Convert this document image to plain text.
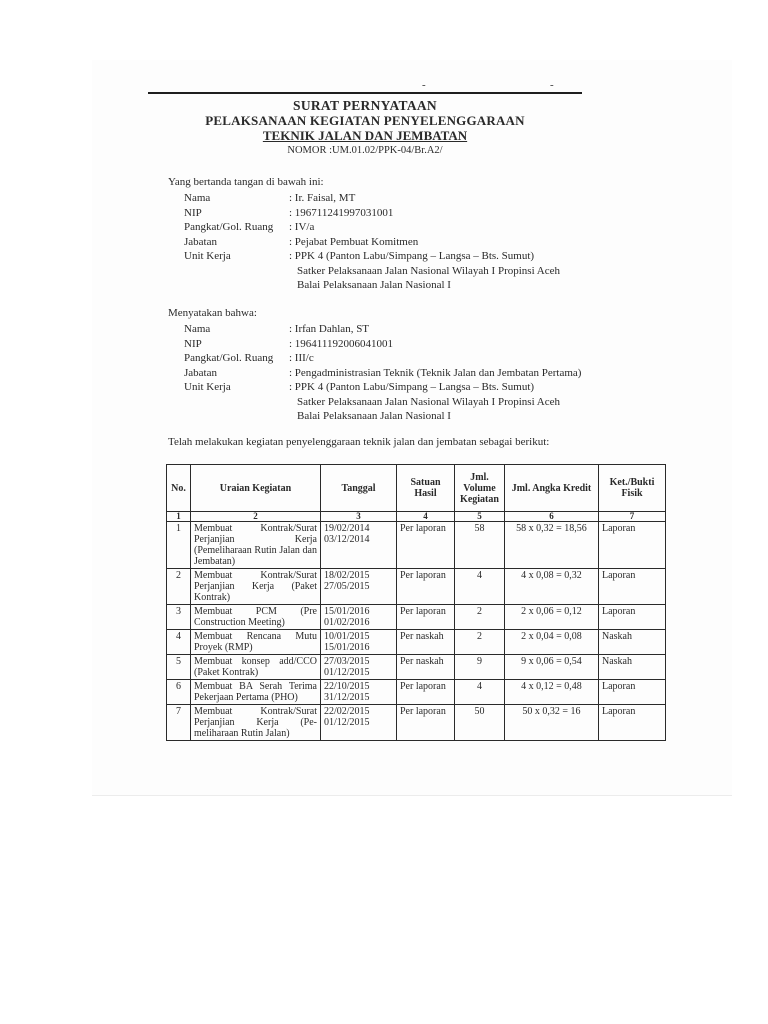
-	-
SURAT PERNYATAAN
PELAKSANAAN KEGIATAN PENYELENGGARAAN
TEKNIK JALAN DAN JEMBATAN
NOMOR :UM.01.02/PPK-04/Br.A2/
Yang bertanda tangan di bawah ini:
Nama	: Ir. Faisal, MT
NIP	: 196711241997031001
Pangkat/Gol. Ruang	: IV/a
Jabatan	: Pejabat Pembuat Komitmen
Unit Kerja	: PPK 4 (Panton Labu/Simpang – Langsa – Bts. Sumut)
Satker Pelaksanaan Jalan Nasional Wilayah I Propinsi Aceh
Balai Pelaksanaan Jalan Nasional I
Menyatakan bahwa:
Nama	: Irfan Dahlan, ST
NIP	: 196411192006041001
Pangkat/Gol. Ruang	: III/c
Jabatan	: Pengadministrasian Teknik (Teknik Jalan dan Jembatan Pertama)
Unit Kerja	: PPK 4 (Panton Labu/Simpang – Langsa – Bts. Sumut)
Satker Pelaksanaan Jalan Nasional Wilayah I Propinsi Aceh
Balai Pelaksanaan Jalan Nasional I
Telah melakukan kegiatan penyelenggaraan teknik jalan dan jembatan sebagai berikut:
No.	Uraian Kegiatan	Tanggal	Satuan Hasil	Jml. Volume Kegiatan	Jml. Angka Kredit	Ket./Bukti Fisik
1	2	3	4	5	6	7
1	Membuat Kontrak/Surat Perjanjian Kerja (Pemeliharaan Rutin Jalan dan Jembatan)	19/02/2014 03/12/2014	Per laporan	58	58 x 0,32 = 18,56	Laporan
2	Membuat Kontrak/Surat Perjanjian Kerja (Paket Kontrak)	18/02/2015 27/05/2015	Per laporan	4	4 x 0,08 = 0,32	Laporan
3	Membuat PCM (Pre Construction Meeting)	15/01/2016 01/02/2016	Per laporan	2	2 x 0,06 = 0,12	Laporan
4	Membuat Rencana Mutu Proyek (RMP)	10/01/2015 15/01/2016	Per naskah	2	2 x 0,04 = 0,08	Naskah
5	Membuat konsep add/CCO (Paket Kontrak)	27/03/2015 01/12/2015	Per naskah	9	9 x 0,06 = 0,54	Naskah
6	Membuat BA Serah Terima Pekerjaan Pertama (PHO)	22/10/2015 31/12/2015	Per laporan	4	4 x 0,12 = 0,48	Laporan
7	Membuat Kontrak/Surat Perjanjian Kerja (Pe-meliharaan Rutin Jalan)	22/02/2015 01/12/2015	Per laporan	50	50 x 0,32 = 16	Laporan
